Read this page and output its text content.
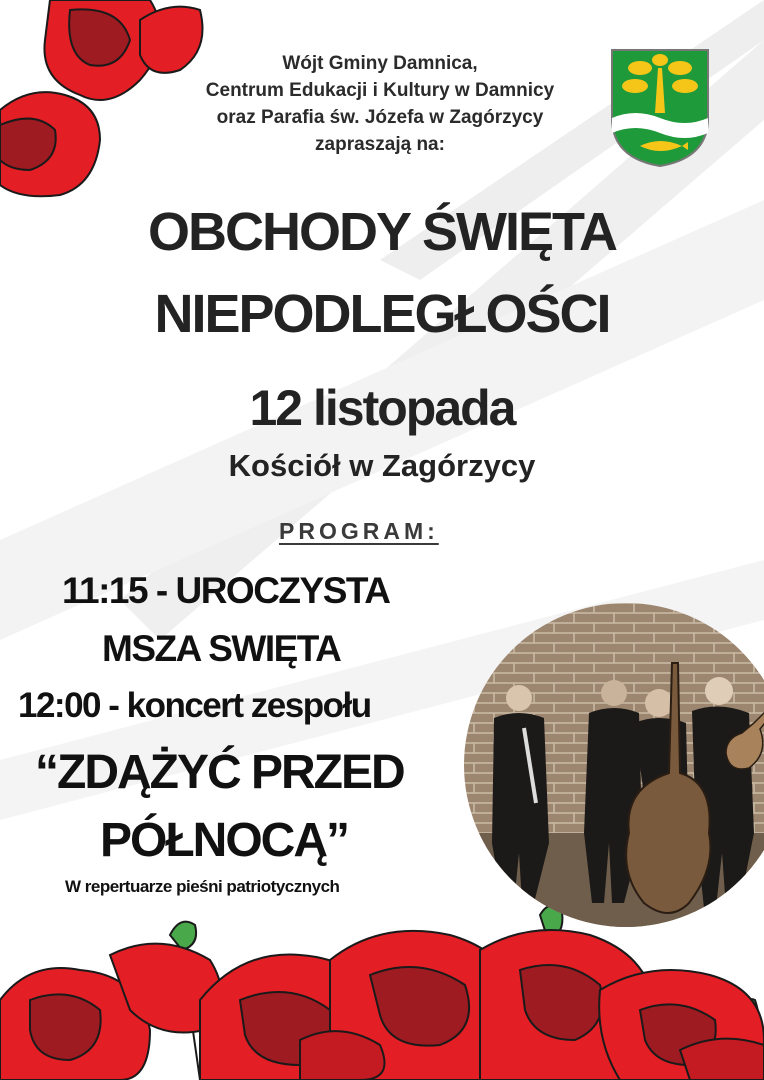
Wójt Gminy Damnica,
Centrum Edukacji i Kultury w Damnicy
oraz Parafia św. Józefa w Zagórzycy
zapraszają na:
OBCHODY ŚWIĘTA
NIEPODLEGŁOŚCI
12 listopada
Kościół w Zagórzycy
PROGRAM:
11:15 - UROCZYSTA
MSZA SWIĘTA
12:00 - koncert zespołu
“ZDĄŻYĆ PRZED
PÓŁNOCĄ”
W repertuarze pieśni patriotycznych
